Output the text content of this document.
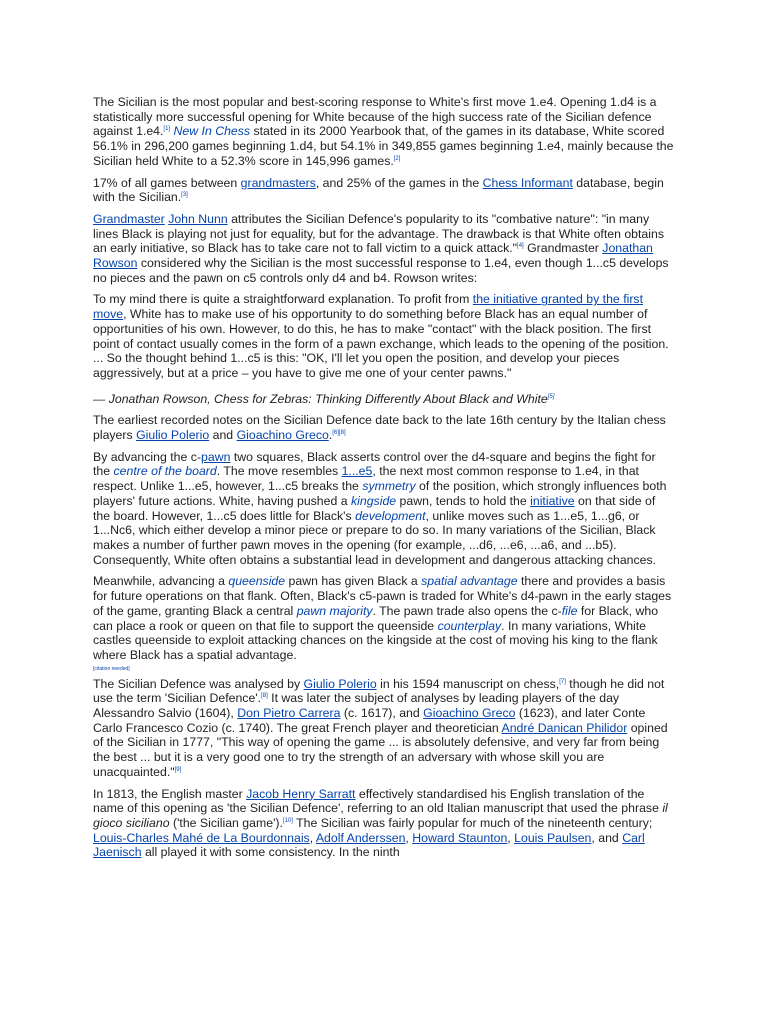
The Sicilian is the most popular and best-scoring response to White's first move 1.e4. Opening 1.d4 is a statistically more successful opening for White because of the high success rate of the Sicilian defence against 1.e4.[1] New In Chess stated in its 2000 Yearbook that, of the games in its database, White scored 56.1% in 296,200 games beginning 1.d4, but 54.1% in 349,855 games beginning 1.e4, mainly because the Sicilian held White to a 52.3% score in 145,996 games.[2]

17% of all games between grandmasters, and 25% of the games in the Chess Informant database, begin with the Sicilian.[3]

Grandmaster John Nunn attributes the Sicilian Defence's popularity to its "combative nature": "in many lines Black is playing not just for equality, but for the advantage. The drawback is that White often obtains an early initiative, so Black has to take care not to fall victim to a quick attack."[4] Grandmaster Jonathan Rowson considered why the Sicilian is the most successful response to 1.e4, even though 1...c5 develops no pieces and the pawn on c5 controls only d4 and b4. Rowson writes:

To my mind there is quite a straightforward explanation. To profit from the initiative granted by the first move, White has to make use of his opportunity to do something before Black has an equal number of opportunities of his own. However, to do this, he has to make "contact" with the black position. The first point of contact usually comes in the form of a pawn exchange, which leads to the opening of the position. ... So the thought behind 1...c5 is this: "OK, I'll let you open the position, and develop your pieces aggressively, but at a price – you have to give me one of your center pawns."

— Jonathan Rowson, Chess for Zebras: Thinking Differently About Black and White[5]

The earliest recorded notes on the Sicilian Defence date back to the late 16th century by the Italian chess players Giulio Polerio and Gioachino Greco.[6][8]

By advancing the c-pawn two squares, Black asserts control over the d4-square and begins the fight for the centre of the board. The move resembles 1...e5, the next most common response to 1.e4, in that respect. Unlike 1...e5, however, 1...c5 breaks the symmetry of the position, which strongly influences both players' future actions. White, having pushed a kingside pawn, tends to hold the initiative on that side of the board. However, 1...c5 does little for Black's development, unlike moves such as 1...e5, 1...g6, or 1...Nc6, which either develop a minor piece or prepare to do so. In many variations of the Sicilian, Black makes a number of further pawn moves in the opening (for example, ...d6, ...e6, ...a6, and ...b5). Consequently, White often obtains a substantial lead in development and dangerous attacking chances.

Meanwhile, advancing a queenside pawn has given Black a spatial advantage there and provides a basis for future operations on that flank. Often, Black's c5-pawn is traded for White's d4-pawn in the early stages of the game, granting Black a central pawn majority. The pawn trade also opens the c-file for Black, who can place a rook or queen on that file to support the queenside counterplay. In many variations, White castles queenside to exploit attacking chances on the kingside at the cost of moving his king to the flank where Black has a spatial advantage.
[citation needed]

The Sicilian Defence was analysed by Giulio Polerio in his 1594 manuscript on chess,[7] though he did not use the term 'Sicilian Defence'.[8] It was later the subject of analyses by leading players of the day Alessandro Salvio (1604), Don Pietro Carrera (c. 1617), and Gioachino Greco (1623), and later Conte Carlo Francesco Cozio (c. 1740). The great French player and theoretician André Danican Philidor opined of the Sicilian in 1777, "This way of opening the game ... is absolutely defensive, and very far from being the best ... but it is a very good one to try the strength of an adversary with whose skill you are unacquainted."[9]

In 1813, the English master Jacob Henry Sarratt effectively standardised his English translation of the name of this opening as 'the Sicilian Defence', referring to an old Italian manuscript that used the phrase il gioco siciliano ('the Sicilian game').[10] The Sicilian was fairly popular for much of the nineteenth century; Louis-Charles Mahé de La Bourdonnais, Adolf Anderssen, Howard Staunton, Louis Paulsen, and Carl Jaenisch all played it with some consistency. In the ninth
